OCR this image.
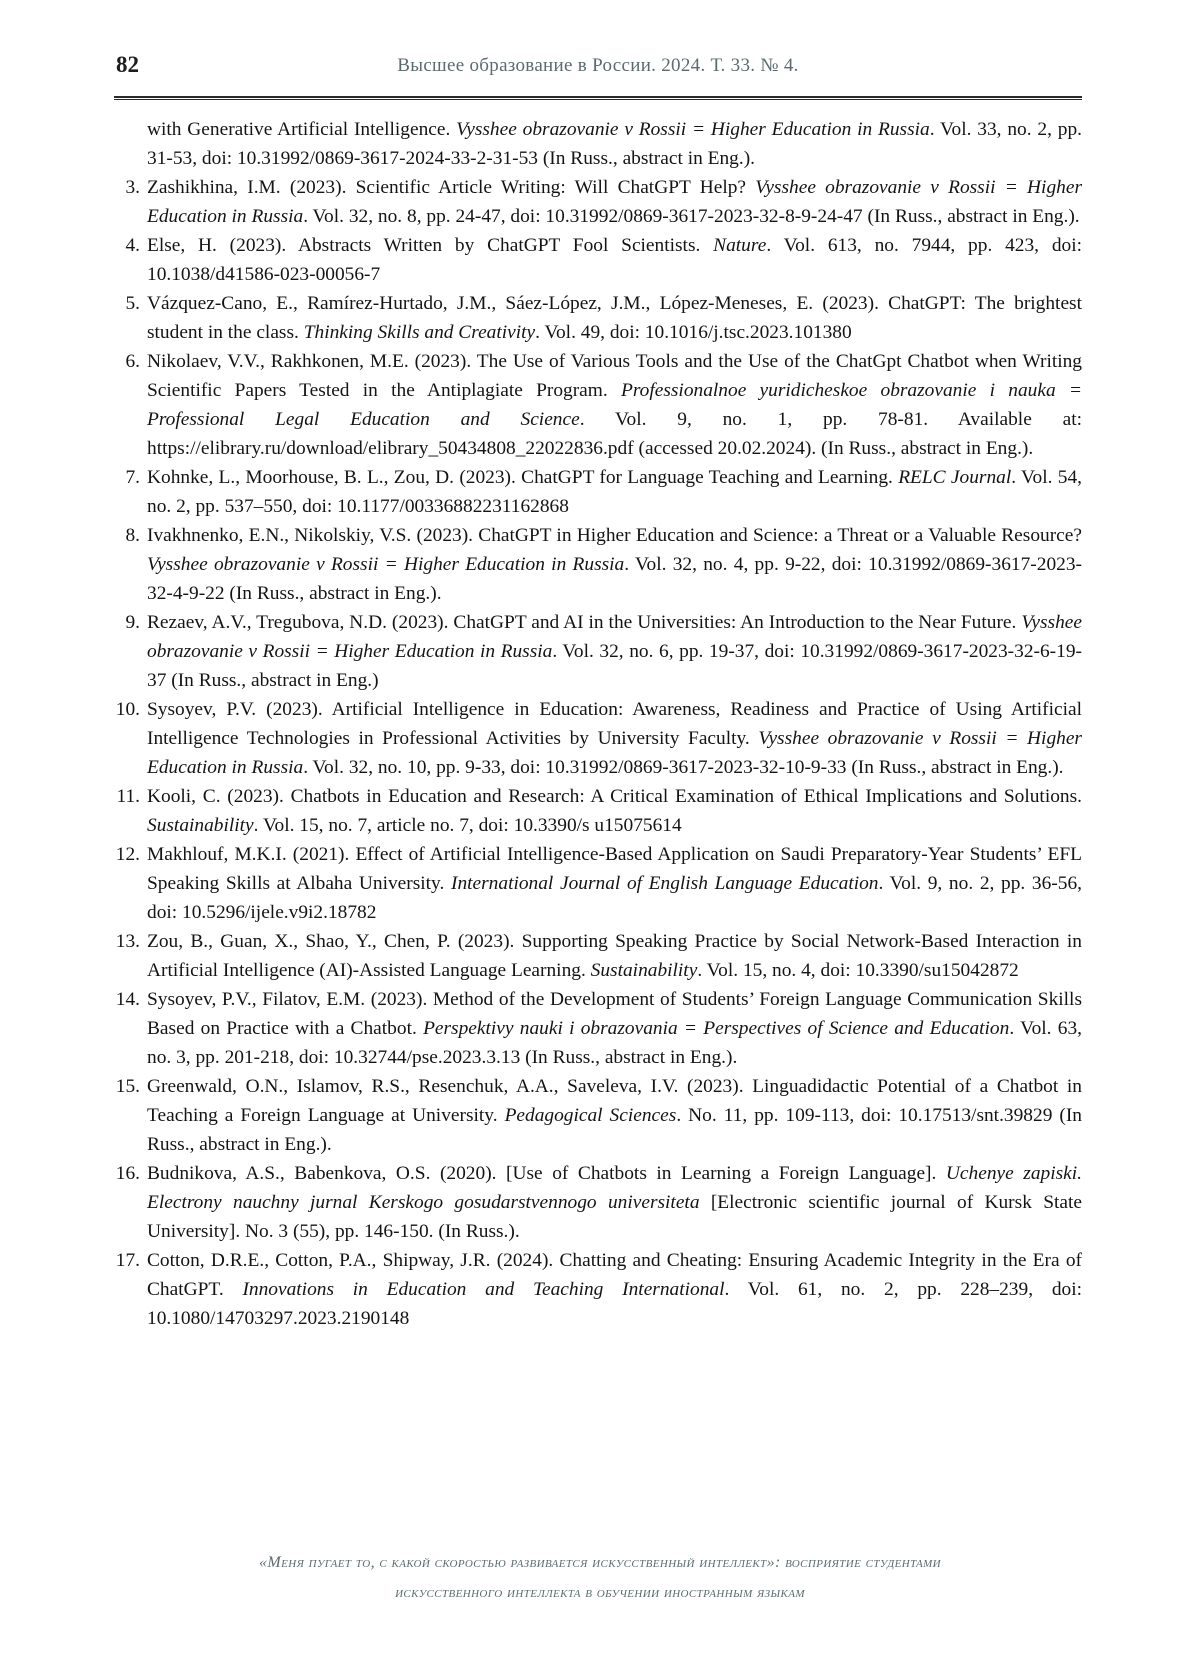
82	Высшее образование в России. 2024. Т. 33. № 4.
with Generative Artificial Intelligence. Vysshee obrazovanie v Rossii = Higher Education in Russia. Vol. 33, no. 2, pp. 31-53, doi: 10.31992/0869-3617-2024-33-2-31-53 (In Russ., abstract in Eng.).
3. Zashikhina, I.M. (2023). Scientific Article Writing: Will ChatGPT Help? Vysshee obrazovanie v Rossii = Higher Education in Russia. Vol. 32, no. 8, pp. 24-47, doi: 10.31992/0869-3617-2023-32-8-9-24-47 (In Russ., abstract in Eng.).
4. Else, H. (2023). Abstracts Written by ChatGPT Fool Scientists. Nature. Vol. 613, no. 7944, pp. 423, doi: 10.1038/d41586-023-00056-7
5. Vázquez-Cano, E., Ramírez-Hurtado, J.M., Sáez-López, J.M., López-Meneses, E. (2023). ChatGPT: The brightest student in the class. Thinking Skills and Creativity. Vol. 49, doi: 10.1016/j.tsc.2023.101380
6. Nikolaev, V.V., Rakhkonen, M.E. (2023). The Use of Various Tools and the Use of the ChatGpt Chatbot when Writing Scientific Papers Tested in the Antiplagiate Program. Professionalnoe yuridicheskoe obrazovanie i nauka = Professional Legal Education and Science. Vol. 9, no. 1, pp. 78-81. Available at: https://elibrary.ru/download/elibrary_50434808_22022836.pdf (accessed 20.02.2024). (In Russ., abstract in Eng.).
7. Kohnke, L., Moorhouse, B. L., Zou, D. (2023). ChatGPT for Language Teaching and Learning. RELC Journal. Vol. 54, no. 2, pp. 537–550, doi: 10.1177/00336882231162868
8. Ivakhnenko, E.N., Nikolskiy, V.S. (2023). ChatGPT in Higher Education and Science: a Threat or a Valuable Resource? Vysshee obrazovanie v Rossii = Higher Education in Russia. Vol. 32, no. 4, pp. 9-22, doi: 10.31992/0869-3617-2023-32-4-9-22 (In Russ., abstract in Eng.).
9. Rezaev, A.V., Tregubova, N.D. (2023). ChatGPT and AI in the Universities: An Introduction to the Near Future. Vysshee obrazovanie v Rossii = Higher Education in Russia. Vol. 32, no. 6, pp. 19-37, doi: 10.31992/0869-3617-2023-32-6-19-37 (In Russ., abstract in Eng.)
10. Sysoyev, P.V. (2023). Artificial Intelligence in Education: Awareness, Readiness and Practice of Using Artificial Intelligence Technologies in Professional Activities by University Faculty. Vysshee obrazovanie v Rossii = Higher Education in Russia. Vol. 32, no. 10, pp. 9-33, doi: 10.31992/0869-3617-2023-32-10-9-33 (In Russ., abstract in Eng.).
11. Kooli, C. (2023). Chatbots in Education and Research: A Critical Examination of Ethical Implications and Solutions. Sustainability. Vol. 15, no. 7, article no. 7, doi: 10.3390/s u15075614
12. Makhlouf, M.K.I. (2021). Effect of Artificial Intelligence-Based Application on Saudi Preparatory-Year Students’ EFL Speaking Skills at Albaha University. International Journal of English Language Education. Vol. 9, no. 2, pp. 36-56, doi: 10.5296/ijele.v9i2.18782
13. Zou, B., Guan, X., Shao, Y., Chen, P. (2023). Supporting Speaking Practice by Social Network-Based Interaction in Artificial Intelligence (AI)-Assisted Language Learning. Sustainability. Vol. 15, no. 4, doi: 10.3390/su15042872
14. Sysoyev, P.V., Filatov, E.M. (2023). Method of the Development of Students’ Foreign Language Communication Skills Based on Practice with a Chatbot. Perspektivy nauki i obrazovania = Perspectives of Science and Education. Vol. 63, no. 3, pp. 201-218, doi: 10.32744/pse.2023.3.13 (In Russ., abstract in Eng.).
15. Greenwald, O.N., Islamov, R.S., Resenchuk, A.A., Saveleva, I.V. (2023). Linguadidactic Potential of a Chatbot in Teaching a Foreign Language at University. Pedagogical Sciences. No. 11, pp. 109-113, doi: 10.17513/snt.39829 (In Russ., abstract in Eng.).
16. Budnikova, A.S., Babenkova, O.S. (2020). [Use of Chatbots in Learning a Foreign Language]. Uchenye zapiski. Electrony nauchny jurnal Kerskogo gosudarstvennogo universiteta [Electronic scientific journal of Kursk State University]. No. 3 (55), pp. 146-150. (In Russ.).
17. Cotton, D.R.E., Cotton, P.A., Shipway, J.R. (2024). Chatting and Cheating: Ensuring Academic Integrity in the Era of ChatGPT. Innovations in Education and Teaching International. Vol. 61, no. 2, pp. 228–239, doi: 10.1080/14703297.2023.2190148
«Меня пугает то, с какой скоростью развивается искусственный интеллект»: восприятие студентами
искусственного интеллекта в обучении иностранным языкам
